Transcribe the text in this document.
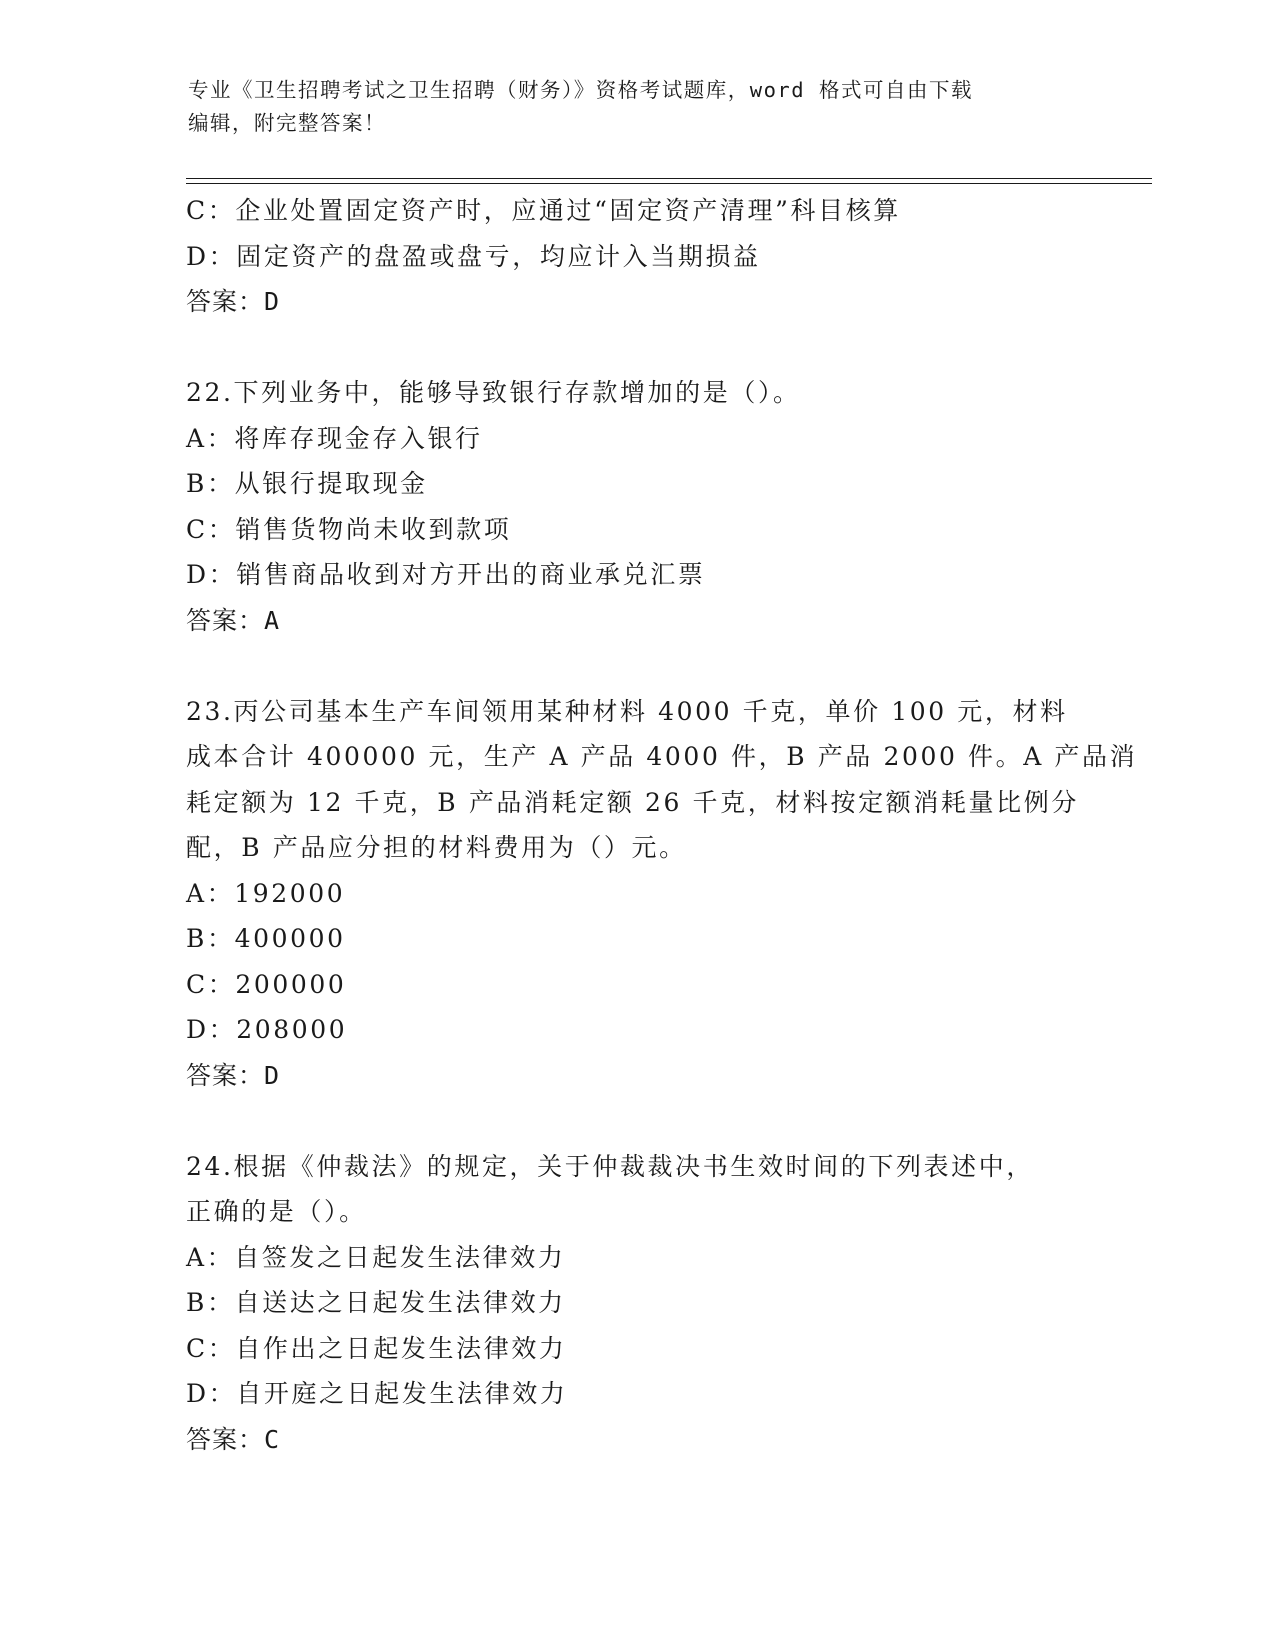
专业《卫生招聘考试之卫生招聘（财务）》资格考试题库，word 格式可自由下载
编辑，附完整答案！
C：企业处置固定资产时，应通过“固定资产清理”科目核算
D：固定资产的盘盈或盘亏，均应计入当期损益
答案：D
22.下列业务中，能够导致银行存款增加的是（）。
A：将库存现金存入银行
B：从银行提取现金
C：销售货物尚未收到款项
D：销售商品收到对方开出的商业承兑汇票
答案：A
23.丙公司基本生产车间领用某种材料 4000 千克，单价 100 元，材料
成本合计 400000 元，生产 A 产品 4000 件，B 产品 2000 件。A 产品消
耗定额为 12 千克，B 产品消耗定额 26 千克，材料按定额消耗量比例分
配，B 产品应分担的材料费用为（）元。
A：192000
B：400000
C：200000
D：208000
答案：D
24.根据《仲裁法》的规定，关于仲裁裁决书生效时间的下列表述中，
正确的是（）。
A：自签发之日起发生法律效力
B：自送达之日起发生法律效力
C：自作出之日起发生法律效力
D：自开庭之日起发生法律效力
答案：C
